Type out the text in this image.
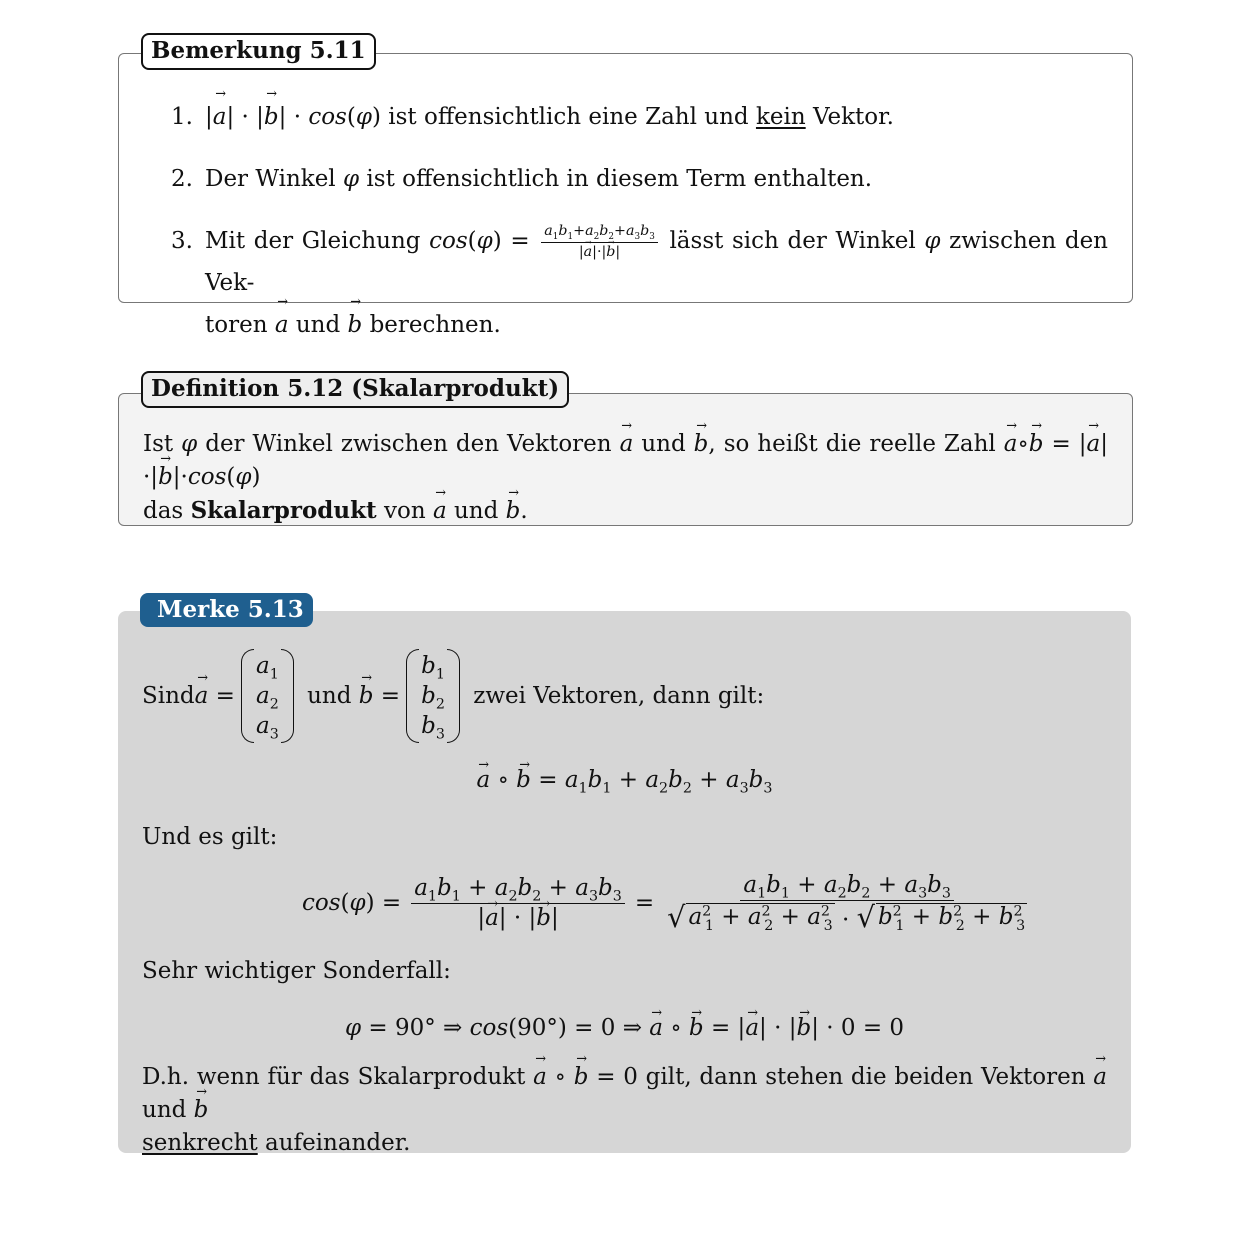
Bemerkung 5.11
1. |→ a| · |→ b| · cos(φ) ist offensichtlich eine Zahl und kein Vektor.
2. Der Winkel φ ist offensichtlich in diesem Term enthalten.
3. Mit der Gleichung $\cos(\varphi) = \frac{a_1b_1+a_2b_2+a_3b_3}{|\to a|\cdot|\to b|}$ lässt sich der Winkel φ zwischen den Vek-
toren → a und → b berechnen.
Definition 5.12 (Skalarprodukt)
Ist φ der Winkel zwischen den Vektoren → a und → b, so heißt die reelle Zahl → a∘→ b = |→ a|·|→ b|·cos(φ)
das Skalarprodukt von → a und → b.
Merke 5.13
Sind → a =
$a_1$
$a_2$
$a_3$
und → b =
$b_1$
$b_2$
$b_3$
zwei Vektoren, dann gilt:
→ a ∘ → $b = a_1b_1 + a_2b_2 + a_3b_3$
Und es gilt:
$\cos(\varphi) = \frac{a_1b_1 + a_2b_2 + a_3b_3}{|\to a| \cdot |\to b|} = \frac{a_1b_1 + a_2b_2 + a_3b_3}{√ a^2_1 + a^2_2 + a^2_3 \cdot √ b^2_1 + b^2_2 + b^2_3}$
Sehr wichtiger Sonderfall:
φ = 90° ⇒ cos(90°) = 0 ⇒ → a ∘ → b = |→ a| · |→ b| · 0 = 0
D.h. wenn für das Skalarprodukt → a ∘ → b = 0 gilt, dann stehen die beiden Vektoren → a und → b
senkrecht aufeinander.
